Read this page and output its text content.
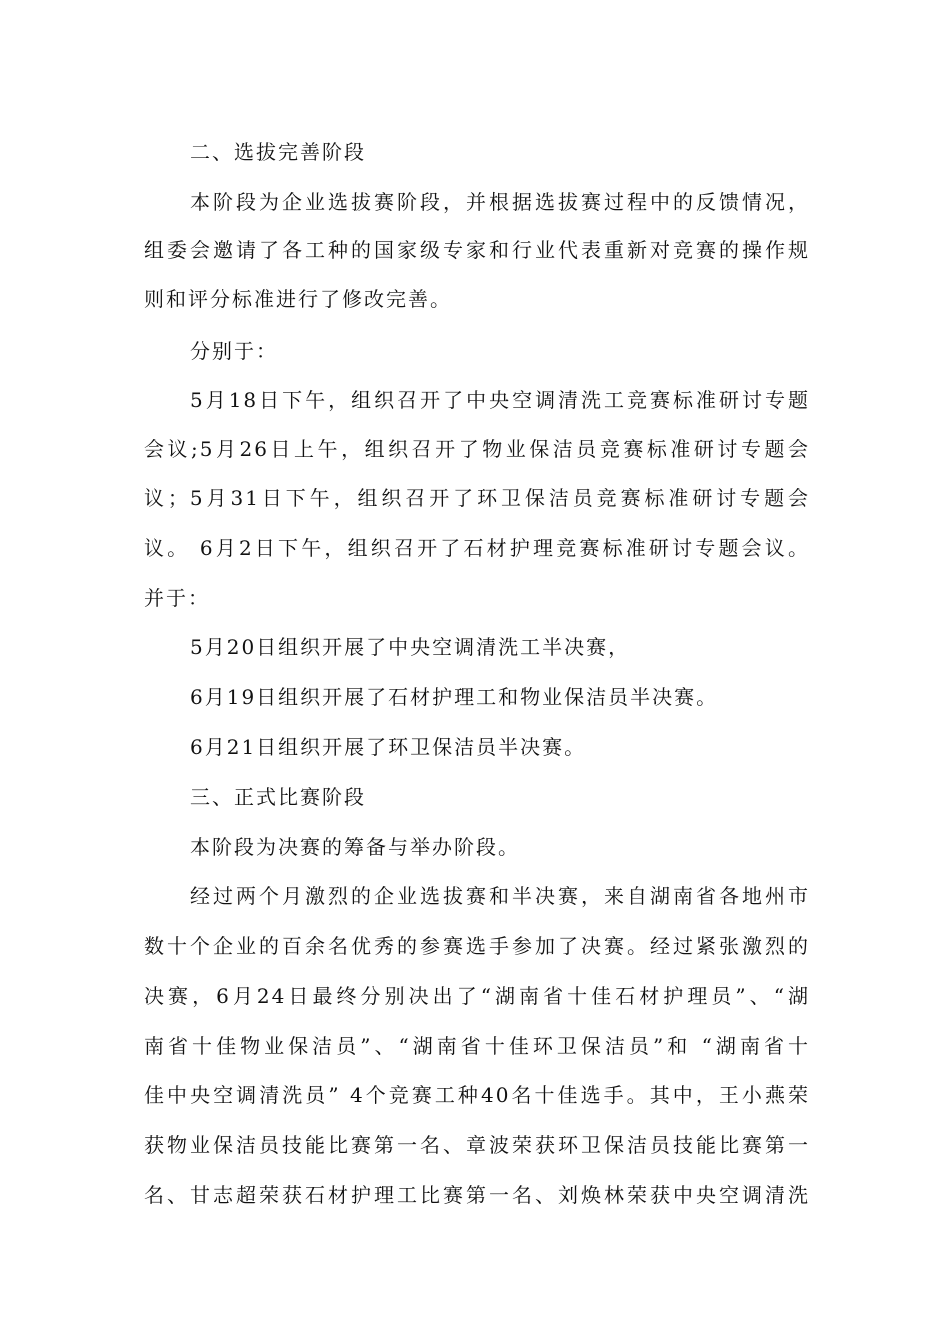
二、选拔完善阶段
本阶段为企业选拔赛阶段，并根据选拔赛过程中的反馈情况，
组委会邀请了各工种的国家级专家和行业代表重新对竞赛的操作规
则和评分标准进行了修改完善。
分别于：
5月18日下午，组织召开了中央空调清洗工竞赛标准研讨专题
会议;5月26日上午，组织召开了物业保洁员竞赛标准研讨专题会
议；5月31日下午，组织召开了环卫保洁员竞赛标准研讨专题会
议。 6月2日下午，组织召开了石材护理竞赛标准研讨专题会议。
并于：
5月20日组织开展了中央空调清洗工半决赛，
6月19日组织开展了石材护理工和物业保洁员半决赛。
6月21日组织开展了环卫保洁员半决赛。
三、正式比赛阶段
本阶段为决赛的筹备与举办阶段。
经过两个月激烈的企业选拔赛和半决赛，来自湖南省各地州市
数十个企业的百余名优秀的参赛选手参加了决赛。经过紧张激烈的
决赛，6月24日最终分别决出了“湖南省十佳石材护理员”、“湖
南省十佳物业保洁员”、“湖南省十佳环卫保洁员”和 “湖南省十
佳中央空调清洗员” 4个竞赛工种40名十佳选手。其中，王小燕荣
获物业保洁员技能比赛第一名、章波荣获环卫保洁员技能比赛第一
名、甘志超荣获石材护理工比赛第一名、刘焕林荣获中央空调清洗
